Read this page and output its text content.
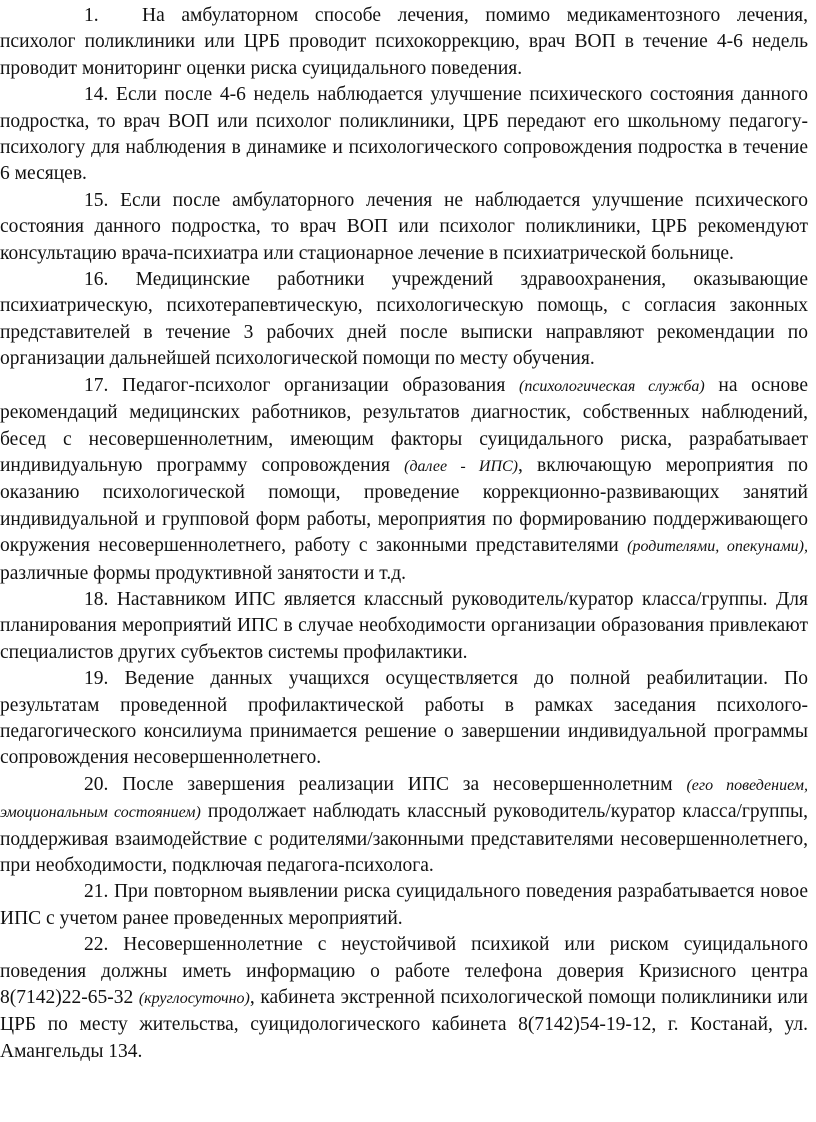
1. На амбулаторном способе лечения, помимо медикаментозного лечения, психолог поликлиники или ЦРБ проводит психокоррекцию, врач ВОП в течение 4-6 недель проводит мониторинг оценки риска суицидального поведения.

14. Если после 4-6 недель наблюдается улучшение психического состояния данного подростка, то врач ВОП или психолог поликлиники, ЦРБ передают его школьному педагогу-психологу для наблюдения в динамике и психологического сопровождения подростка в течение 6 месяцев.

15. Если после амбулаторного лечения не наблюдается улучшение психического состояния данного подростка, то врач ВОП или психолог поликлиники, ЦРБ рекомендуют консультацию врача-психиатра или стационарное лечение в психиатрической больнице.

16. Медицинские работники учреждений здравоохранения, оказывающие психиатрическую, психотерапевтическую, психологическую помощь, с согласия законных представителей в течение 3 рабочих дней после выписки направляют рекомендации по организации дальнейшей психологической помощи по месту обучения.

17. Педагог-психолог организации образования (психологическая служба) на основе рекомендаций медицинских работников, результатов диагностик, собственных наблюдений, бесед с несовершеннолетним, имеющим факторы суицидального риска, разрабатывает индивидуальную программу сопровождения (далее - ИПС), включающую мероприятия по оказанию психологической помощи, проведение коррекционно-развивающих занятий индивидуальной и групповой форм работы, мероприятия по формированию поддерживающего окружения несовершеннолетнего, работу с законными представителями (родителями, опекунами), различные формы продуктивной занятости и т.д.

18. Наставником ИПС является классный руководитель/куратор класса/группы. Для планирования мероприятий ИПС в случае необходимости организации образования привлекают специалистов других субъектов системы профилактики.

19. Ведение данных учащихся осуществляется до полной реабилитации. По результатам проведенной профилактической работы в рамках заседания психолого-педагогического консилиума принимается решение о завершении индивидуальной программы сопровождения несовершеннолетнего.

20. После завершения реализации ИПС за несовершеннолетним (его поведением, эмоциональным состоянием) продолжает наблюдать классный руководитель/куратор класса/группы, поддерживая взаимодействие с родителями/законными представителями несовершеннолетнего, при необходимости, подключая педагога-психолога.

21. При повторном выявлении риска суицидального поведения разрабатывается новое ИПС с учетом ранее проведенных мероприятий.

22. Несовершеннолетние с неустойчивой психикой или риском суицидального поведения должны иметь информацию о работе телефона доверия Кризисного центра 8(7142)22-65-32 (круглосуточно), кабинета экстренной психологической помощи поликлиники или ЦРБ по месту жительства, суицидологического кабинета 8(7142)54-19-12, г. Костанай, ул. Амангельды 134.
